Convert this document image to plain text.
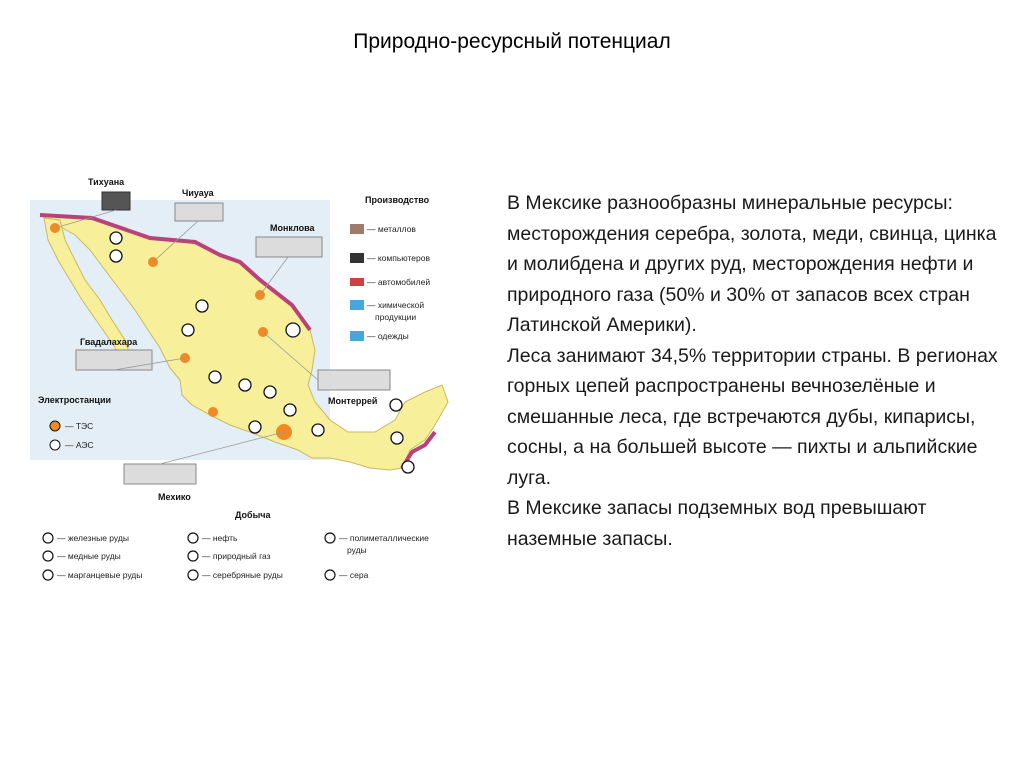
Природно-ресурсный потенциал
Тихуана
Чиуауа
Монклова
Гвадалахара
Монтеррей
Мехико
Производство
— металлов
— компьютеров
— автомобилей
— химической
продукции
— одежды
Электростанции
— ТЭС
— АЭС
Добыча
— железные руды
— медные руды
— марганцевые руды
— нефть
— природный газ
— серебряные руды
— полиметаллические
руды
— сера

В Мексике разнообразны минеральные ресурсы: месторождения серебра, золота, меди, свинца, цинка и молибдена и других руд, месторождения нефти и природного газа (50% и 30% от запасов всех стран Латинской Америки).

Леса занимают 34,5% территории страны. В регионах горных цепей распространены вечнозелёные и смешанные леса, где встречаются дубы, кипарисы, сосны, а на большей высоте — пихты и альпийские луга.

В Мексике запасы подземных вод превышают наземные запасы.
